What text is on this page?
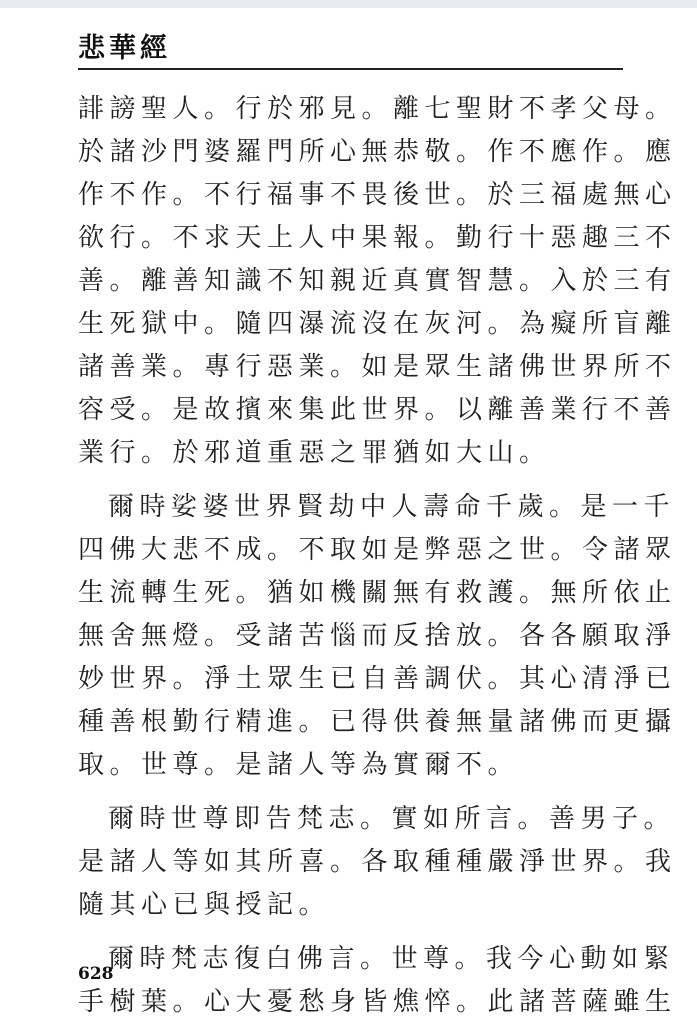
悲華經
誹謗聖人。行於邪見。離七聖財不孝父母。
於諸沙門婆羅門所心無恭敬。作不應作。應
作不作。不行福事不畏後世。於三福處無心
欲行。不求天上人中果報。勤行十惡趣三不
善。離善知識不知親近真實智慧。入於三有
生死獄中。隨四瀑流沒在灰河。為癡所盲離
諸善業。專行惡業。如是眾生諸佛世界所不
容受。是故擯來集此世界。以離善業行不善
業行。於邪道重惡之罪猶如大山。
爾時娑婆世界賢劫中人壽命千歲。是一千
四佛大悲不成。不取如是弊惡之世。令諸眾
生流轉生死。猶如機關無有救護。無所依止
無舍無燈。受諸苦惱而反捨放。各各願取淨
妙世界。淨土眾生已自善調伏。其心清淨已
種善根勤行精進。已得供養無量諸佛而更攝
取。世尊。是諸人等為實爾不。
爾時世尊即告梵志。實如所言。善男子。
是諸人等如其所喜。各取種種嚴淨世界。我
隨其心已與授記。
爾時梵志復白佛言。世尊。我今心動如緊
手樹葉。心大憂愁身皆燋悴。此諸菩薩雖生
628
